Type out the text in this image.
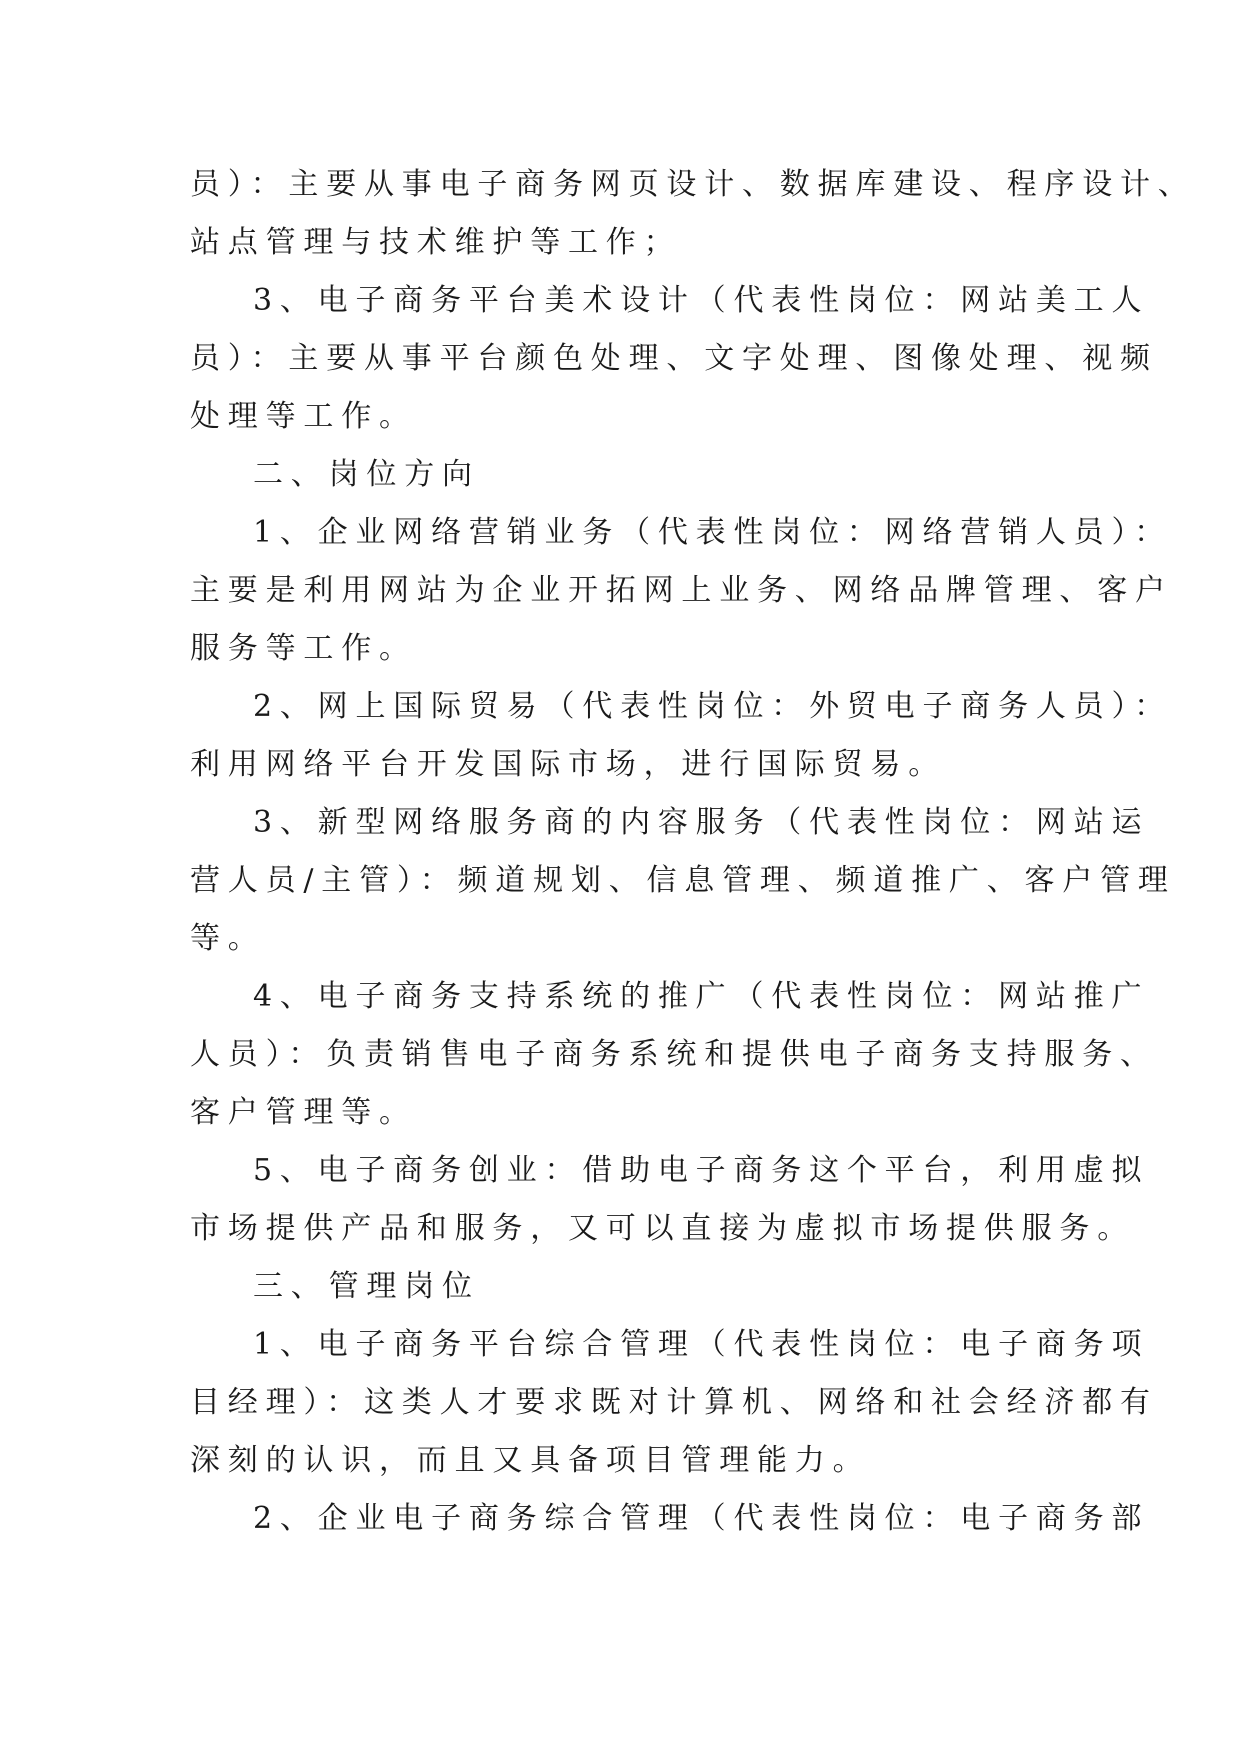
员）：主要从事电子商务网页设计、数据库建设、程序设计、
站点管理与技术维护等工作；
3、电子商务平台美术设计（代表性岗位：网站美工人
员）：主要从事平台颜色处理、文字处理、图像处理、视频
处理等工作。
二、岗位方向
1、企业网络营销业务（代表性岗位：网络营销人员）：
主要是利用网站为企业开拓网上业务、网络品牌管理、客户
服务等工作。
2、网上国际贸易（代表性岗位：外贸电子商务人员）：
利用网络平台开发国际市场，进行国际贸易。
3、新型网络服务商的内容服务（代表性岗位：网站运
营人员/主管）：频道规划、信息管理、频道推广、客户管理
等。
4、电子商务支持系统的推广（代表性岗位：网站推广
人员）：负责销售电子商务系统和提供电子商务支持服务、
客户管理等。
5、电子商务创业：借助电子商务这个平台，利用虚拟
市场提供产品和服务，又可以直接为虚拟市场提供服务。
三、管理岗位
1、电子商务平台综合管理（代表性岗位：电子商务项
目经理）：这类人才要求既对计算机、网络和社会经济都有
深刻的认识，而且又具备项目管理能力。
2、企业电子商务综合管理（代表性岗位：电子商务部
